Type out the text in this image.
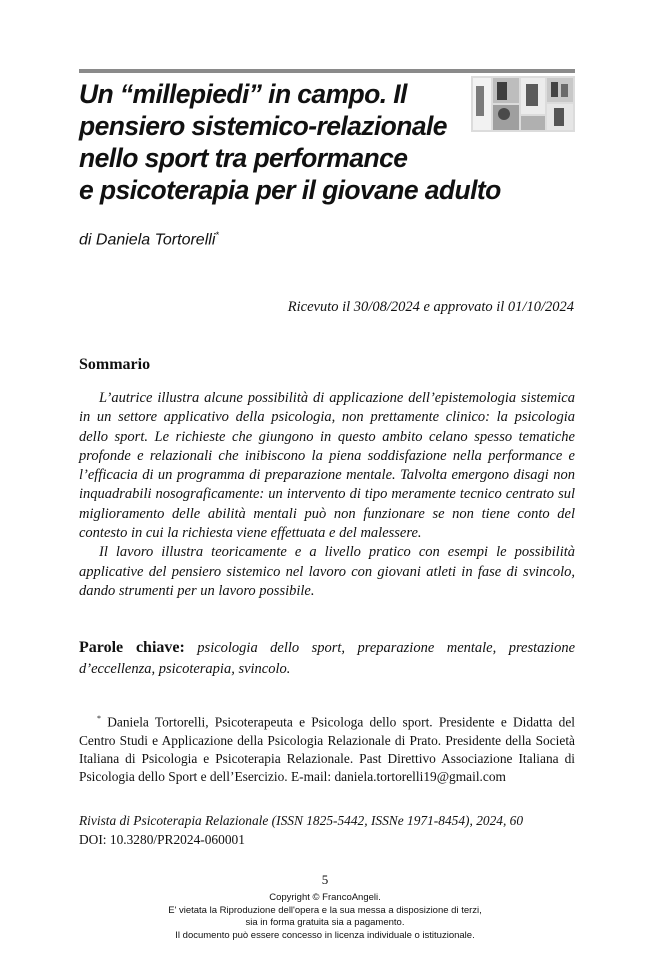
Un “millepiedi” in campo. Il
pensiero sistemico-relazionale
nello sport tra performance
e psicoterapia per il giovane adulto
di Daniela Tortorelli*
Ricevuto il 30/08/2024 e approvato il 01/10/2024
Sommario

L’autrice illustra alcune possibilità di applicazione dell’epistemologia sistemica in un settore applicativo della psicologia, non prettamente clinico: la psicologia dello sport. Le richieste che giungono in questo ambito celano spesso tematiche profonde e relazionali che inibiscono la piena soddisfazione nella performance e l’efficacia di un programma di preparazione mentale. Talvolta emergono disagi non inquadrabili nosograficamente: un intervento di tipo meramente tecnico centrato sul miglioramento delle abilità mentali può non funzionare se non tiene conto del contesto in cui la richiesta viene effettuata e del malessere.

Il lavoro illustra teoricamente e a livello pratico con esempi le possibilità applicative del pensiero sistemico nel lavoro con giovani atleti in fase di svincolo, dando strumenti per un lavoro possibile.

Parole chiave: psicologia dello sport, preparazione mentale, prestazione d’eccellenza, psicoterapia, svincolo.
* Daniela Tortorelli, Psicoterapeuta e Psicologa dello sport. Presidente e Didatta del Centro Studi e Applicazione della Psicologia Relazionale di Prato. Presidente della Società Italiana di Psicologia e Psicoterapia Relazionale. Past Direttivo Associazione Italiana di Psicologia dello Sport e dell’Esercizio. E-mail: daniela.tortorelli19@gmail.com
Rivista di Psicoterapia Relazionale (ISSN 1825-5442, ISSNe 1971-8454), 2024, 60
DOI: 10.3280/PR2024-060001
5
Copyright © FrancoAngeli.
E' vietata la Riproduzione dell'opera e la sua messa a disposizione di terzi,
sia in forma gratuita sia a pagamento.
Il documento può essere concesso in licenza individuale o istituzionale.
